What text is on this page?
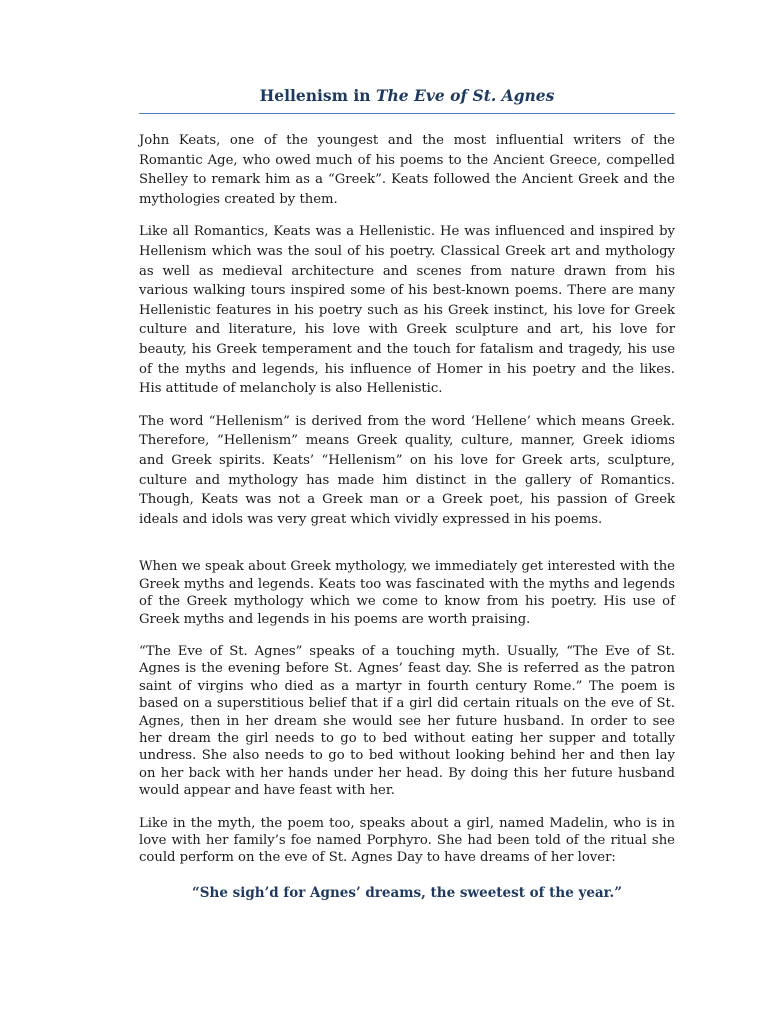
Hellenism in The Eve of St. Agnes

John Keats, one of the youngest and the most influential writers of the Romantic Age, who owed much of his poems to the Ancient Greece, compelled Shelley to remark him as a “Greek”. Keats followed the Ancient Greek and the mythologies created by them.

Like all Romantics, Keats was a Hellenistic. He was influenced and inspired by Hellenism which was the soul of his poetry. Classical Greek art and mythology as well as medieval architecture and scenes from nature drawn from his various walking tours inspired some of his best-known poems. There are many Hellenistic features in his poetry such as his Greek instinct, his love for Greek culture and literature, his love with Greek sculpture and art, his love for beauty, his Greek temperament and the touch for fatalism and tragedy, his use of the myths and legends, his influence of Homer in his poetry and the likes. His attitude of melancholy is also Hellenistic.

The word “Hellenism” is derived from the word ‘Hellene’ which means Greek. Therefore, “Hellenism” means Greek quality, culture, manner, Greek idioms and Greek spirits. Keats’ “Hellenism” on his love for Greek arts, sculpture, culture and mythology has made him distinct in the gallery of Romantics. Though, Keats was not a Greek man or a Greek poet, his passion of Greek ideals and idols was very great which vividly expressed in his poems.

When we speak about Greek mythology, we immediately get interested with the Greek myths and legends. Keats too was fascinated with the myths and legends of the Greek mythology which we come to know from his poetry. His use of Greek myths and legends in his poems are worth praising.

“The Eve of St. Agnes” speaks of a touching myth. Usually, “The Eve of St. Agnes is the evening before St. Agnes’ feast day. She is referred as the patron saint of virgins who died as a martyr in fourth century Rome.” The poem is based on a superstitious belief that if a girl did certain rituals on the eve of St. Agnes, then in her dream she would see her future husband. In order to see her dream the girl needs to go to bed without eating her supper and totally undress. She also needs to go to bed without looking behind her and then lay on her back with her hands under her head. By doing this her future husband would appear and have feast with her.

Like in the myth, the poem too, speaks about a girl, named Madelin, who is in love with her family’s foe named Porphyro. She had been told of the ritual she could perform on the eve of St. Agnes Day to have dreams of her lover:

“She sigh’d for Agnes’ dreams, the sweetest of the year.”
